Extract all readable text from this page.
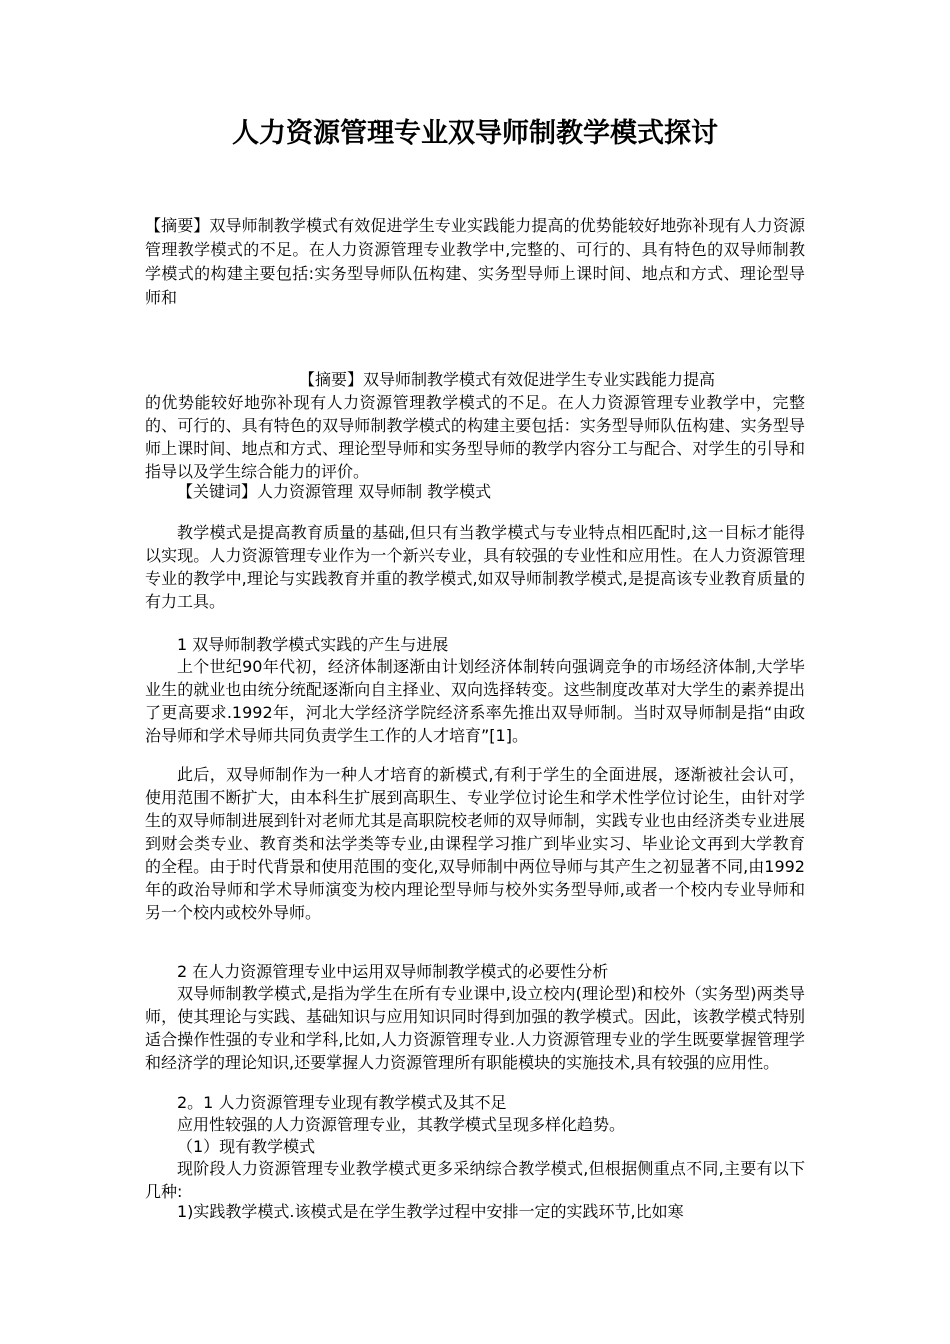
人力资源管理专业双导师制教学模式探讨

【摘要】双导师制教学模式有效促进学生专业实践能力提高的优势能较好地弥补现有人力资源管理教学模式的不足。在人力资源管理专业教学中,完整的、可行的、具有特色的双导师制教学模式的构建主要包括:实务型导师队伍构建、实务型导师上课时间、地点和方式、理论型导师和

【摘要】双导师制教学模式有效促进学生专业实践能力提高
的优势能较好地弥补现有人力资源管理教学模式的不足。在人力资源管理专业教学中，完整的、可行的、具有特色的双导师制教学模式的构建主要包括：实务型导师队伍构建、实务型导师上课时间、地点和方式、理论型导师和实务型导师的教学内容分工与配合、对学生的引导和指导以及学生综合能力的评价。

【关键词】人力资源管理 双导师制 教学模式

教学模式是提高教育质量的基础,但只有当教学模式与专业特点相匹配时,这一目标才能得以实现。人力资源管理专业作为一个新兴专业，具有较强的专业性和应用性。在人力资源管理专业的教学中,理论与实践教育并重的教学模式,如双导师制教学模式,是提高该专业教育质量的有力工具。

1 双导师制教学模式实践的产生与进展

上个世纪90年代初，经济体制逐渐由计划经济体制转向强调竞争的市场经济体制,大学毕业生的就业也由统分统配逐渐向自主择业、双向选择转变。这些制度改革对大学生的素养提出了更高要求.1992年，河北大学经济学院经济系率先推出双导师制。当时双导师制是指“由政治导师和学术导师共同负责学生工作的人才培育”[1]。

此后，双导师制作为一种人才培育的新模式,有利于学生的全面进展，逐渐被社会认可，使用范围不断扩大，由本科生扩展到高职生、专业学位讨论生和学术性学位讨论生，由针对学生的双导师制进展到针对老师尤其是高职院校老师的双导师制，实践专业也由经济类专业进展到财会类专业、教育类和法学类等专业,由课程学习推广到毕业实习、毕业论文再到大学教育的全程。由于时代背景和使用范围的变化,双导师制中两位导师与其产生之初显著不同,由1992年的政治导师和学术导师演变为校内理论型导师与校外实务型导师,或者一个校内专业导师和另一个校内或校外导师。

2 在人力资源管理专业中运用双导师制教学模式的必要性分析

双导师制教学模式,是指为学生在所有专业课中,设立校内(理论型)和校外（实务型)两类导师，使其理论与实践、基础知识与应用知识同时得到加强的教学模式。因此，该教学模式特别适合操作性强的专业和学科,比如,人力资源管理专业.人力资源管理专业的学生既要掌握管理学和经济学的理论知识,还要掌握人力资源管理所有职能模块的实施技术,具有较强的应用性。

2。1 人力资源管理专业现有教学模式及其不足

应用性较强的人力资源管理专业，其教学模式呈现多样化趋势。

（1）现有教学模式

现阶段人力资源管理专业教学模式更多采纳综合教学模式,但根据侧重点不同,主要有以下几种:

1)实践教学模式.该模式是在学生教学过程中安排一定的实践环节,比如寒
